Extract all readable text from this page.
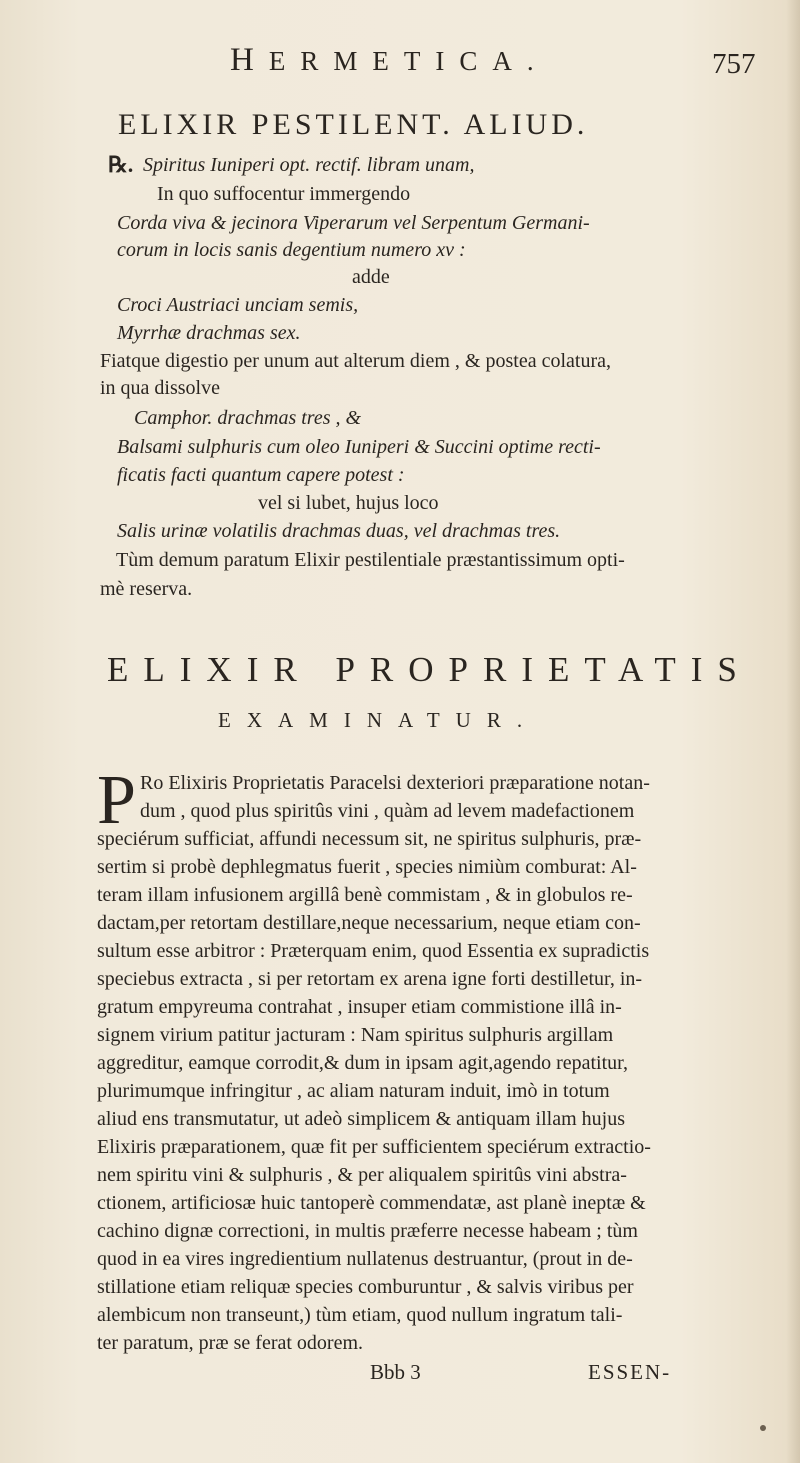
HERMETICA.	757
ELIXIR PESTILENT. ALIUD.
℞. Spiritus Iuniperi opt. rectif. libram unam,
In quo suffocentur immergendo
Corda viva & jecinora Viperarum vel Serpentum Germani-
corum in locis sanis degentium numero xv :
adde
Croci Austriaci unciam semis,
Myrrhæ drachmas sex.
Fiatque digestio per unum aut alterum diem , & postea colatura,
in qua dissolve
Camphor. drachmas tres , &
Balsami sulphuris cum oleo Iuniperi & Succini optime recti-
ficatis facti quantum capere potest :
vel si lubet, hujus loco
Salis urinæ volatilis drachmas duas, vel drachmas tres.
Tùm demum paratum Elixir pestilentiale præstantissimum opti-
mè reserva.
ELIXIR PROPRIETATIS
EXAMINATUR.
P Ro Elixiris Proprietatis Paracelsi dexteriori præparatione notan-
dum , quod plus spiritûs vini , quàm ad levem madefactionem
speciérum sufficiat, affundi necessum sit, ne spiritus sulphuris, præ-
sertim si probè dephlegmatus fuerit , species nimiùm comburat: Al-
teram illam infusionem argillâ benè commistam , & in globulos re-
dactam,per retortam destillare,neque necessarium, neque etiam con-
sultum esse arbitror : Præterquam enim, quod Essentia ex supradictis
speciebus extracta , si per retortam ex arena igne forti destilletur, in-
gratum empyreuma contrahat , insuper etiam commistione illâ in-
signem virium patitur jacturam : Nam spiritus sulphuris argillam
aggreditur, eamque corrodit,& dum in ipsam agit,agendo repatitur,
plurimumque infringitur , ac aliam naturam induit, imò in totum
aliud ens transmutatur, ut adeò simplicem & antiquam illam hujus
Elixiris præparationem, quæ fit per sufficientem speciérum extractio-
nem spiritu vini & sulphuris , & per aliqualem spiritûs vini abstra-
ctionem, artificiosæ huic tantoperè commendatæ, ast planè ineptæ &
cachino dignæ correctioni, in multis præferre necesse habeam ; tùm
quod in ea vires ingredientium nullatenus destruantur, (prout in de-
stillatione etiam reliquæ species comburuntur , & salvis viribus per
alembicum non transeunt,) tùm etiam, quod nullum ingratum tali-
ter paratum, præ se ferat odorem.
Bbb 3	ESSEN-
